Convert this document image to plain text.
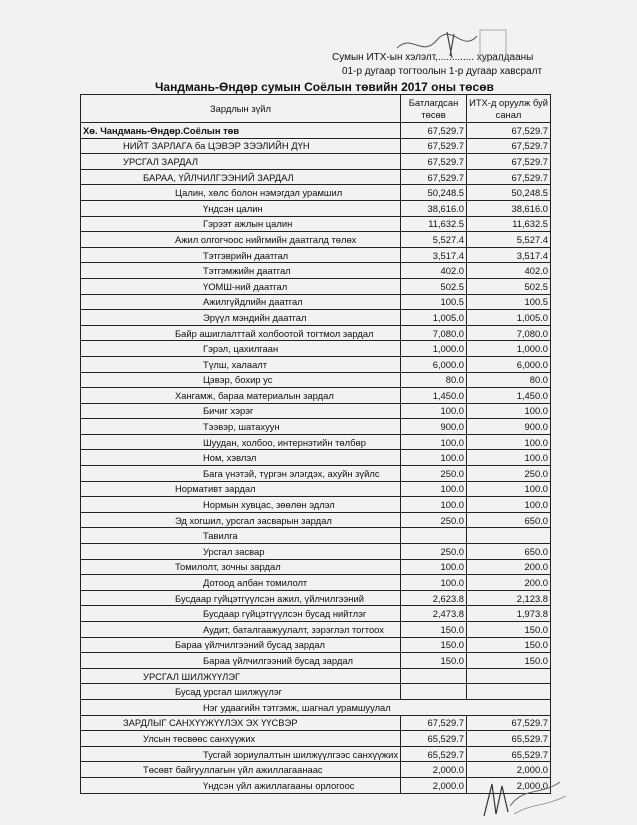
Сумын ИТХ-ын хэлэлт,............. хуралдааны
01-р дугаар тогтоолын 1-р дугаар хавсралт
Чандмань-Өндөр сумын Соёлын төвийн 2017 оны төсөв
Зардлын зүйл	Батлагдсан төсөв	ИТХ-д оруулж буй санал
Хө. Чандмань-Өндөр.Соёлын төв	67,529.7	67,529.7
НИЙТ ЗАРЛАГА ба ЦЭВЭР ЗЭЭЛИЙН ДҮН	67,529.7	67,529.7
УРСГАЛ ЗАРДАЛ	67,529.7	67,529.7
БАРАА, ҮЙЛЧИЛГЭЭНИЙ ЗАРДАЛ	67,529.7	67,529.7
Цалин, хөлс болон нэмэгдэл урамшил	50,248.5	50,248.5
Үндсэн цалин	38,616.0	38,616.0
Гэрээт ажлын цалин	11,632.5	11,632.5
Ажил олгогчоос нийгмийн даатгалд төлөх	5,527.4	5,527.4
Тэтгэврийн даатгал	3,517.4	3,517.4
Тэтгэмжийн даатгал	402.0	402.0
ҮОМШ-ний даатгал	502.5	502.5
Ажилгүйдлийн даатгал	100.5	100.5
Эрүүл мэндийн даатгал	1,005.0	1,005.0
Байр ашиглалттай холбоотой тогтмол зардал	7,080.0	7,080.0
Гэрэл, цахилгаан	1,000.0	1,000.0
Түлш, халаалт	6,000.0	6,000.0
Цэвэр, бохир ус	80.0	80.0
Хангамж, бараа материалын зардал	1,450.0	1,450.0
Бичиг хэрэг	100.0	100.0
Тээвэр, шатахуун	900.0	900.0
Шуудан, холбоо, интернэтийн төлбөр	100.0	100.0
Ном, хэвлэл	100.0	100.0
Бага үнэтэй, түргэн элэгдэх, ахуйн зүйлс	250.0	250.0
Нормативт зардал	100.0	100.0
Нормын хувцас, зөөлөн эдлэл	100.0	100.0
Эд хогшил, урсгал засварын зардал	250.0	650.0
Тавилга		
Урсгал засвар	250.0	650.0
Томилолт, зочны зардал	100.0	200.0
Дотоод албан томилолт	100.0	200.0
Бусдаар гүйцэтгүүлсэн ажил, үйлчилгээний	2,623.8	2,123.8
Бусдаар гүйцэтгүүлсэн бусад нийтлэг	2,473.8	1,973.8
Аудит, баталгаажуулалт, зэрэглэл тогтоох	150.0	150.0
Бараа үйлчилгээний бусад зардал	150.0	150.0
Бараа үйлчилгээний бусад зардал	150.0	150.0
УРСГАЛ ШИЛЖҮҮЛЭГ		
Бусад урсгал шилжүүлэг		
Нэг удаагийн тэтгэмж, шагнал урамшуулал		
ЗАРДЛЫГ САНХҮҮЖҮҮЛЭХ ЭХ ҮҮСВЭР	67,529.7	67,529.7
Улсын төсвөөс санхүүжих	65,529.7	65,529.7
Тусгай зориулалтын шилжүүлгээс санхүүжих	65,529.7	65,529.7
Төсөвт байгууллагын үйл ажиллагаанаас	2,000.0	2,000.0
Үндсэн үйл ажиллагааны орлогоос	2,000.0	2,000.0
